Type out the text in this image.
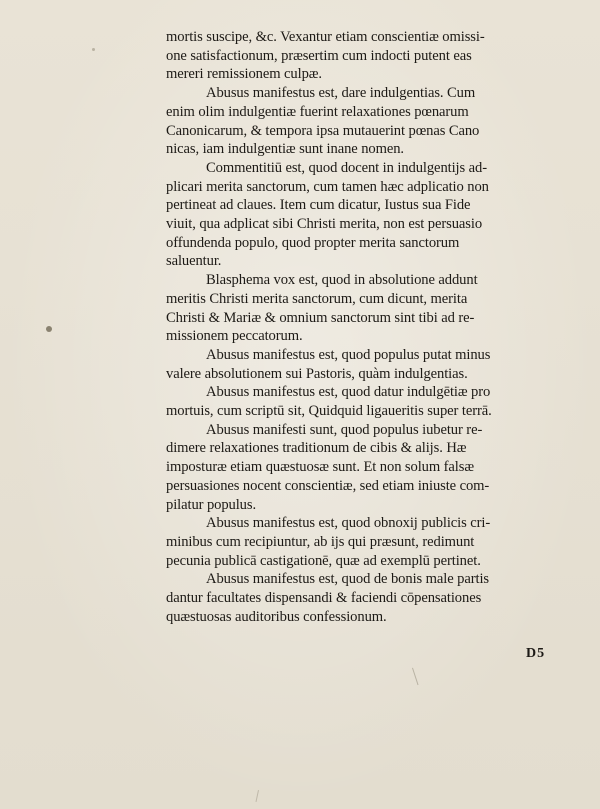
mortis suscipe, &c. Vexantur etiam conscientiæ omissi-
one satisfactionum, præsertim cum indocti putent eas
mereri remissionem culpæ.

Abusus manifestus est, dare indulgentias. Cum
enim olim indulgentiæ fuerint relaxationes pœnarum
Canonicarum, & tempora ipsa mutauerint pœnas Cano
nicas, iam indulgentiæ sunt inane nomen.

Commentitiū est, quod docent in indulgentijs ad-
plicari merita sanctorum, cum tamen hæc adplicatio non
pertineat ad claues. Item cum dicatur, Iustus sua Fide
viuit, qua adplicat sibi Christi merita, non est persuasio
offundenda populo, quod propter merita sanctorum
saluentur.

Blasphema vox est, quod in absolutione addunt
meritis Christi merita sanctorum, cum dicunt, merita
Christi & Mariæ & omnium sanctorum sint tibi ad re-
missionem peccatorum.

Abusus manifestus est, quod populus putat minus
valere absolutionem sui Pastoris, quàm indulgentias.

Abusus manifestus est, quod datur indulgētiæ pro
mortuis, cum scriptū sit, Quidquid ligaueritis super terrā.

Abusus manifesti sunt, quod populus iubetur re-
dimere relaxationes traditionum de cibis & alijs. Hæ
imposturæ etiam quæstuosæ sunt. Et non solum falsæ
persuasiones nocent conscientiæ, sed etiam iniuste com-
pilatur populus.

Abusus manifestus est, quod obnoxij publicis cri-
minibus cum recipiuntur, ab ijs qui præsunt, redimunt
pecunia publicā castigationē, quæ ad exemplū pertinet.

Abusus manifestus est, quod de bonis male partis
dantur facultates dispensandi & faciendi cōpensationes
quæstuosas auditoribus confessionum.

D5
